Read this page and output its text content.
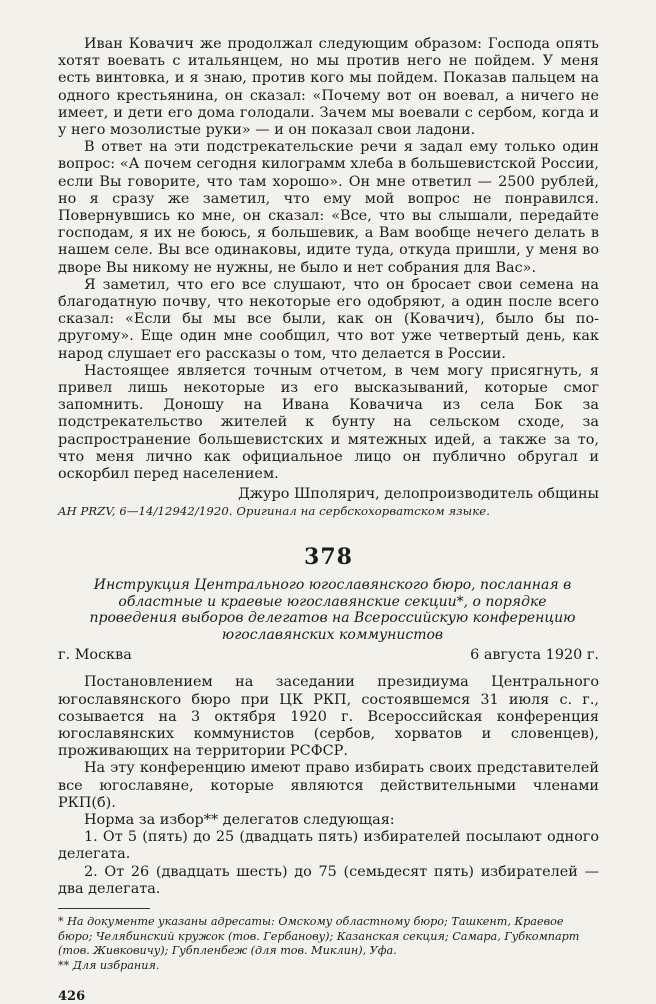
Иван Ковачич же продолжал следующим образом: Господа опять хотят воевать с итальянцем, но мы против него не пойдем. У меня есть винтовка, и я знаю, против кого мы пойдем. Показав пальцем на одного крестьянина, он сказал: «Почему вот он воевал, а ничего не имеет, и дети его дома голодали. Зачем мы воевали с сербом, когда и у него мозолистые руки» — и он показал свои ладони.

В ответ на эти подстрекательские речи я задал ему только один вопрос: «А почем сегодня килограмм хлеба в большевистской России, если Вы говорите, что там хорошо». Он мне ответил — 2500 рублей, но я сразу же заметил, что ему мой вопрос не понравился. Повернувшись ко мне, он сказал: «Все, что вы слышали, передайте господам, я их не боюсь, я большевик, а Вам вообще нечего делать в нашем селе. Вы все одинаковы, идите туда, откуда пришли, у меня во дворе Вы никому не нужны, не было и нет собрания для Вас».

Я заметил, что его все слушают, что он бросает свои семена на благодатную почву, что некоторые его одобряют, а один после всего сказал: «Если бы мы все были, как он (Ковачич), было бы по-другому». Еще один мне сообщил, что вот уже четвертый день, как народ слушает его рассказы о том, что делается в России.

Настоящее является точным отчетом, в чем могу присягнуть, я привел лишь некоторые из его высказываний, которые смог запомнить. Доношу на Ивана Ковачича из села Бок за подстрекательство жителей к бунту на сельском сходе, за распространение большевистских и мятежных идей, а также за то, что меня лично как официальное лицо он публично обругал и оскорбил перед населением.

Джуро Шполярич, делопроизводитель общины

AH PRZV, 6—14/12942/1920. Оригинал на сербскохорватском языке.

378

Инструкция Центрального югославянского бюро, посланная в областные и краевые югославянские секции*, о порядке проведения выборов делегатов на Всероссийскую конференцию югославянских коммунистов

г. Москва	6 августа 1920 г.

Постановлением на заседании президиума Центрального югославянского бюро при ЦК РКП, состоявшемся 31 июля с. г., созывается на 3 октября 1920 г. Всероссийская конференция югославянских коммунистов (сербов, хорватов и словенцев), проживающих на территории РСФСР.

На эту конференцию имеют право избирать своих представителей все югославяне, которые являются действительными членами РКП(б).

Норма за избор** делегатов следующая:

1. От 5 (пять) до 25 (двадцать пять) избирателей посылают одного делегата.

2. От 26 (двадцать шесть) до 75 (семьдесят пять) избирателей — два делегата.

* На документе указаны адресаты: Омскому областному бюро; Ташкент, Краевое бюро; Челябинский кружок (тов. Гербанову); Казанская секция; Самара, Губкомпарт (тов. Живковичу); Губпленбеж (для тов. Миклин), Уфа.

** Для избрания.

426
